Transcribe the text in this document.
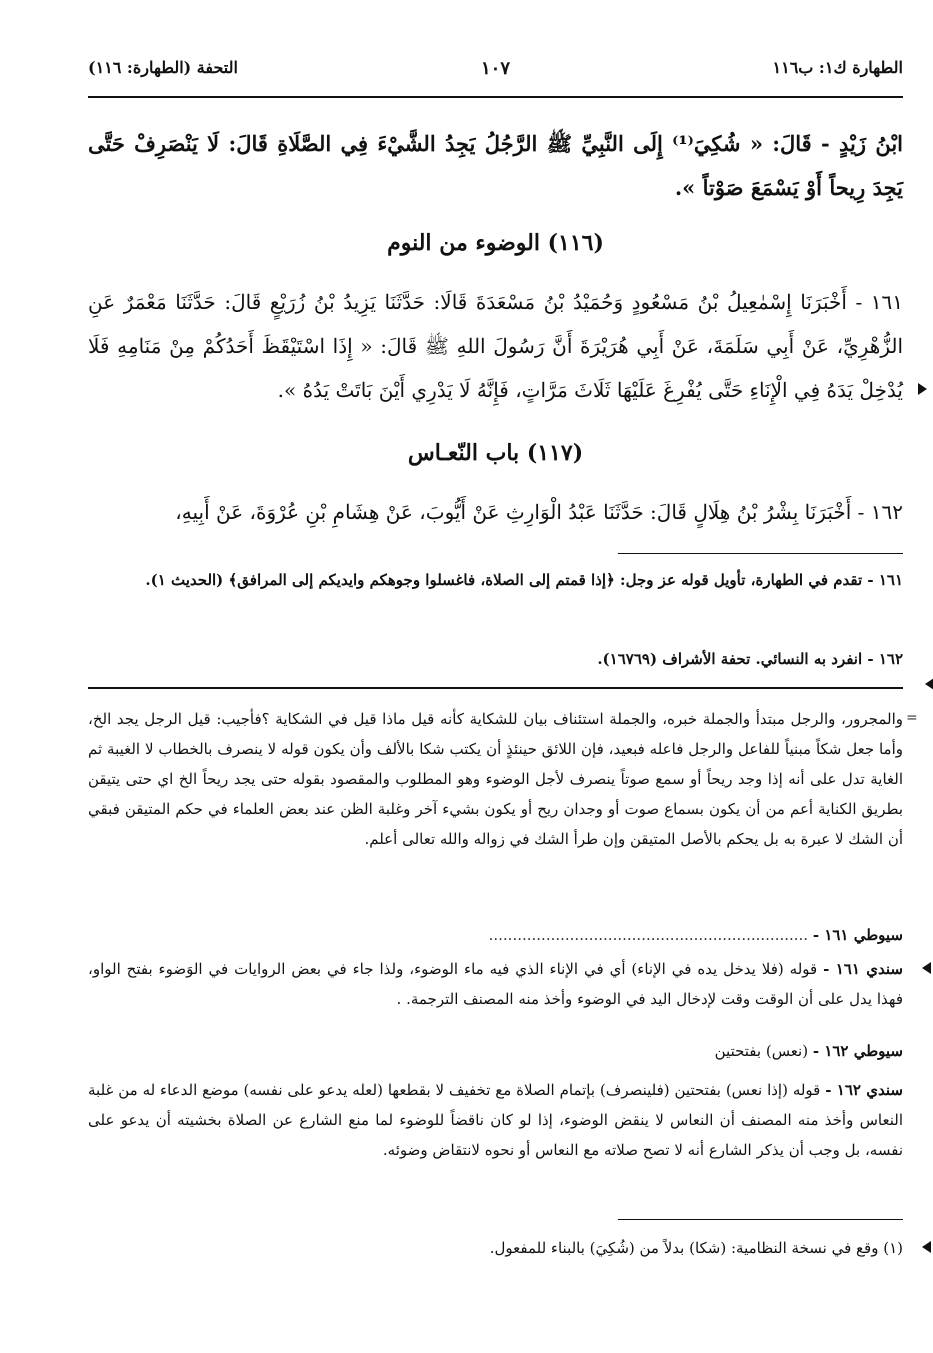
الطهارة ك١: ب١١٦
١٠٧
التحفة (الطهارة: ١١٦)
ابْنُ زَيْدٍ - قَالَ: « شُكِيَ⁽¹⁾ إِلَى النَّبِيِّ ﷺ الرَّجُلُ يَجِدُ الشَّيْءَ فِي الصَّلَاةِ قَالَ: لَا يَنْصَرِفْ حَتَّى يَجِدَ رِيحاً أَوْ يَسْمَعَ صَوْتاً ».
(١١٦) الوضوء من النوم
١٦١ - أَخْبَرَنَا إِسْمٰعِيلُ بْنُ مَسْعُودٍ وَحُمَيْدُ بْنُ مَسْعَدَةَ قَالَا: حَدَّثَنَا يَزِيدُ بْنُ زُرَيْعٍ قَالَ: حَدَّثَنَا مَعْمَرٌ عَنِ الزُّهْرِيِّ، عَنْ أَبِي سَلَمَةَ، عَنْ أَبِي هُرَيْرَةَ أَنَّ رَسُولَ اللهِ ﷺ قَالَ: « إِذَا اسْتَيْقَظَ أَحَدُكُمْ مِنْ مَنَامِهِ فَلَا يُدْخِلْ يَدَهُ فِي الْإِنَاءِ حَتَّى يُفْرِغَ عَلَيْهَا ثَلَاثَ مَرَّاتٍ، فَإِنَّهُ لَا يَدْرِي أَيْنَ بَاتَتْ يَدُهُ ».
(١١٧) باب النّعـاس
١٦٢ - أَخْبَرَنَا بِشْرُ بْنُ هِلَالٍ قَالَ: حَدَّثَنَا عَبْدُ الْوَارِثِ عَنْ أَيُّوبَ، عَنْ هِشَامِ بْنِ عُرْوَةَ، عَنْ أَبِيهِ،
١٦١ - تقدم في الطهارة، تأويل قوله عز وجل: ﴿إذا قمتم إلى الصلاة، فاغسلوا وجوهكم وايديكم إلى المرافق﴾ (الحديث ١).
١٦٢ - انفرد به النسائي. تحفة الأشراف (١٦٧٦٩).
=
والمجرور، والرجل مبتدأ والجملة خبره، والجملة استئناف بيان للشكاية كأنه قيل ماذا قيل في الشكاية ؟فأجيب: قيل الرجل يجد الخ، وأما جعل شكاً مبنياً للفاعل والرجل فاعله فبعيد، فإن اللائق حينئذٍ أن يكتب شكا بالألف وأن يكون قوله لا ينصرف بالخطاب لا الغيبة ثم الغاية تدل على أنه إذا وجد ريحاً أو سمع صوتاً ينصرف لأجل الوضوء وهو المطلوب والمقصود بقوله حتى يجد ريحاً الخ اي حتى يتيقن بطريق الكناية أعم من أن يكون بسماع صوت أو وجدان ريح أو يكون بشيء آخر وغلبة الظن عند بعض العلماء في حكم المتيقن فبقي أن الشك لا عبرة به بل يحكم بالأصل المتيقن وإن طرأ الشك في زواله والله تعالى أعلم.
سيوطي ١٦١ - ...................................................................
سندي ١٦١ - قوله (فلا يدخل يده في الإناء) أي في الإناء الذي فيه ماء الوضوء، ولذا جاء في بعض الروايات في الوَضوء بفتح الواو، فهذا يدل على أن الوقت وقت لإدخال اليد في الوضوء وأخذ منه المصنف الترجمة. .
سيوطي ١٦٢ - (نعس) بفتحتين
سندي ١٦٢ - قوله (إذا نعس) بفتحتين (فلينصرف) بإتمام الصلاة مع تخفيف لا بقطعها (لعله يدعو على نفسه) موضع الدعاء له من غلبة النعاس وأخذ منه المصنف أن النعاس لا ينقض الوضوء، إذا لو كان ناقضاً للوضوء لما منع الشارع عن الصلاة بخشيته أن يدعو على نفسه، بل وجب أن يذكر الشارع أنه لا تصح صلاته مع النعاس أو نحوه لانتقاض وضوئه.
(١) وقع في نسخة النظامية: (شكا) بدلاً من (شُكِيَ) بالبناء للمفعول.
